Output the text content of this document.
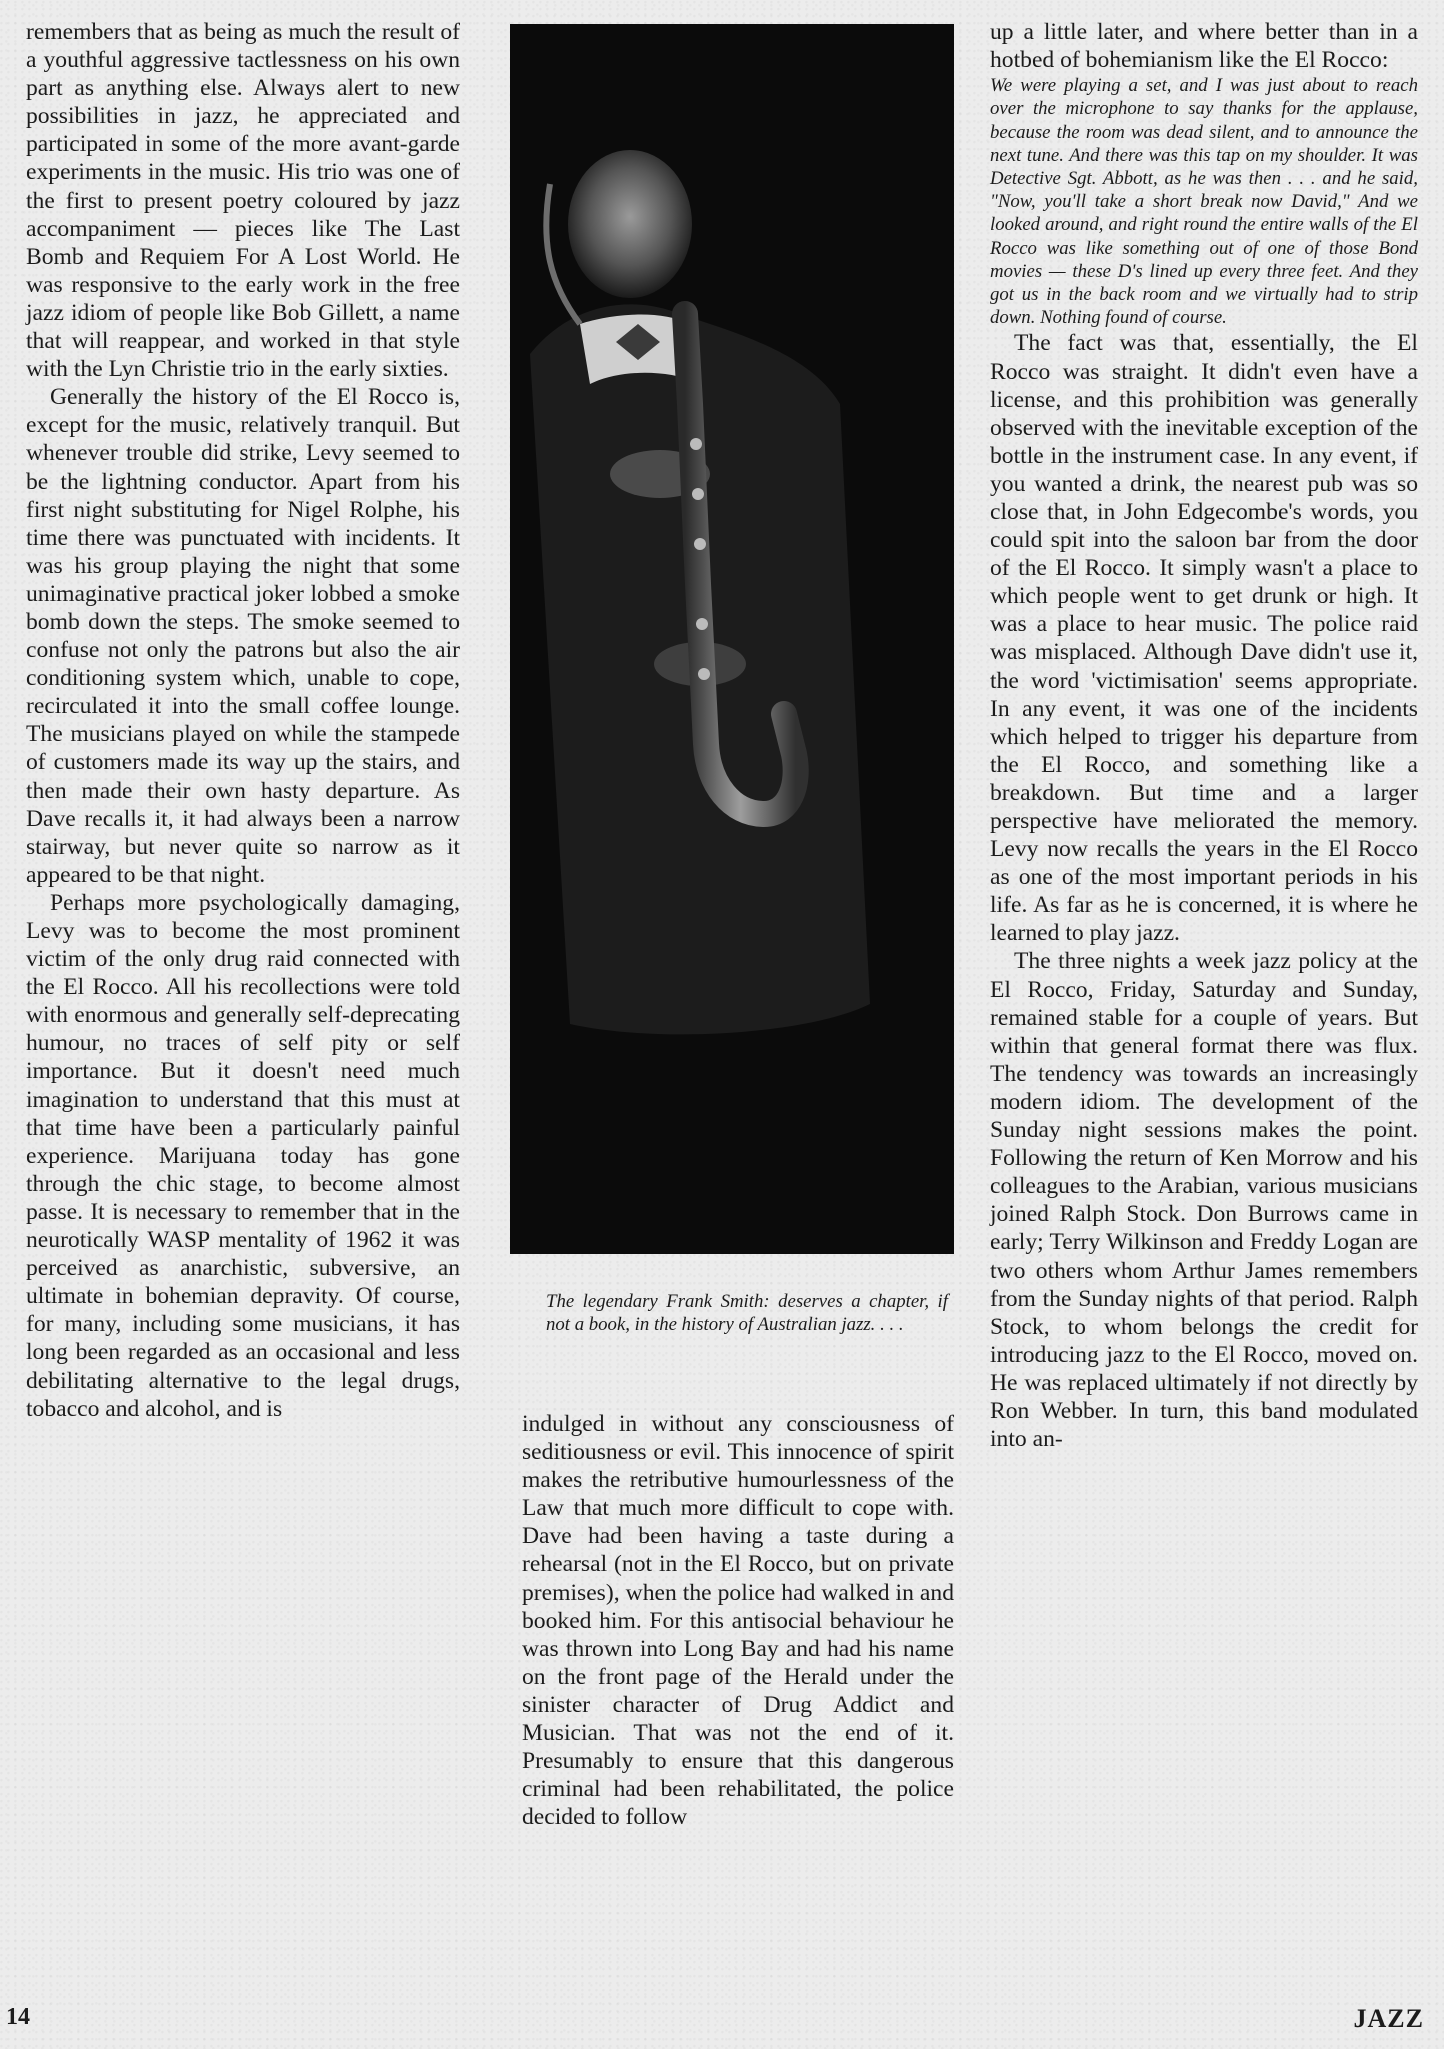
remembers that as being as much the result of a youthful aggressive tactlessness on his own part as anything else. Always alert to new possibilities in jazz, he appreciated and participated in some of the more avant-garde experiments in the music. His trio was one of the first to present poetry coloured by jazz accompaniment — pieces like The Last Bomb and Requiem For A Lost World. He was responsive to the early work in the free jazz idiom of people like Bob Gillett, a name that will reappear, and worked in that style with the Lyn Christie trio in the early sixties.

Generally the history of the El Rocco is, except for the music, relatively tranquil. But whenever trouble did strike, Levy seemed to be the lightning conductor. Apart from his first night substituting for Nigel Rolphe, his time there was punctuated with incidents. It was his group playing the night that some unimaginative practical joker lobbed a smoke bomb down the steps. The smoke seemed to confuse not only the patrons but also the air conditioning system which, unable to cope, recirculated it into the small coffee lounge. The musicians played on while the stampede of customers made its way up the stairs, and then made their own hasty departure. As Dave recalls it, it had always been a narrow stairway, but never quite so narrow as it appeared to be that night.

Perhaps more psychologically damaging, Levy was to become the most prominent victim of the only drug raid connected with the El Rocco. All his recollections were told with enormous and generally self-deprecating humour, no traces of self pity or self importance. But it doesn't need much imagination to understand that this must at that time have been a particularly painful experience. Marijuana today has gone through the chic stage, to become almost passe. It is necessary to remember that in the neurotically WASP mentality of 1962 it was perceived as anarchistic, subversive, an ultimate in bohemian depravity. Of course, for many, including some musicians, it has long been regarded as an occasional and less debilitating alternative to the legal drugs, tobacco and alcohol, and is

The legendary Frank Smith: deserves a chapter, if not a book, in the history of Australian jazz. . . .

indulged in without any consciousness of seditiousness or evil. This innocence of spirit makes the retributive humourlessness of the Law that much more difficult to cope with. Dave had been having a taste during a rehearsal (not in the El Rocco, but on private premises), when the police had walked in and booked him. For this antisocial behaviour he was thrown into Long Bay and had his name on the front page of the Herald under the sinister character of Drug Addict and Musician. That was not the end of it. Presumably to ensure that this dangerous criminal had been rehabilitated, the police decided to follow

up a little later, and where better than in a hotbed of bohemianism like the El Rocco:

We were playing a set, and I was just about to reach over the microphone to say thanks for the applause, because the room was dead silent, and to announce the next tune. And there was this tap on my shoulder. It was Detective Sgt. Abbott, as he was then . . . and he said, "Now, you'll take a short break now David," And we looked around, and right round the entire walls of the El Rocco was like something out of one of those Bond movies — these D's lined up every three feet. And they got us in the back room and we virtually had to strip down. Nothing found of course.

The fact was that, essentially, the El Rocco was straight. It didn't even have a license, and this prohibition was generally observed with the inevitable exception of the bottle in the instrument case. In any event, if you wanted a drink, the nearest pub was so close that, in John Edgecombe's words, you could spit into the saloon bar from the door of the El Rocco. It simply wasn't a place to which people went to get drunk or high. It was a place to hear music. The police raid was misplaced. Although Dave didn't use it, the word 'victimisation' seems appropriate. In any event, it was one of the incidents which helped to trigger his departure from the El Rocco, and something like a breakdown. But time and a larger perspective have meliorated the memory. Levy now recalls the years in the El Rocco as one of the most important periods in his life. As far as he is concerned, it is where he learned to play jazz.

The three nights a week jazz policy at the El Rocco, Friday, Saturday and Sunday, remained stable for a couple of years. But within that general format there was flux. The tendency was towards an increasingly modern idiom. The development of the Sunday night sessions makes the point. Following the return of Ken Morrow and his colleagues to the Arabian, various musicians joined Ralph Stock. Don Burrows came in early; Terry Wilkinson and Freddy Logan are two others whom Arthur James remembers from the Sunday nights of that period. Ralph Stock, to whom belongs the credit for introducing jazz to the El Rocco, moved on. He was replaced ultimately if not directly by Ron Webber. In turn, this band modulated into an-

14	JAZZ
